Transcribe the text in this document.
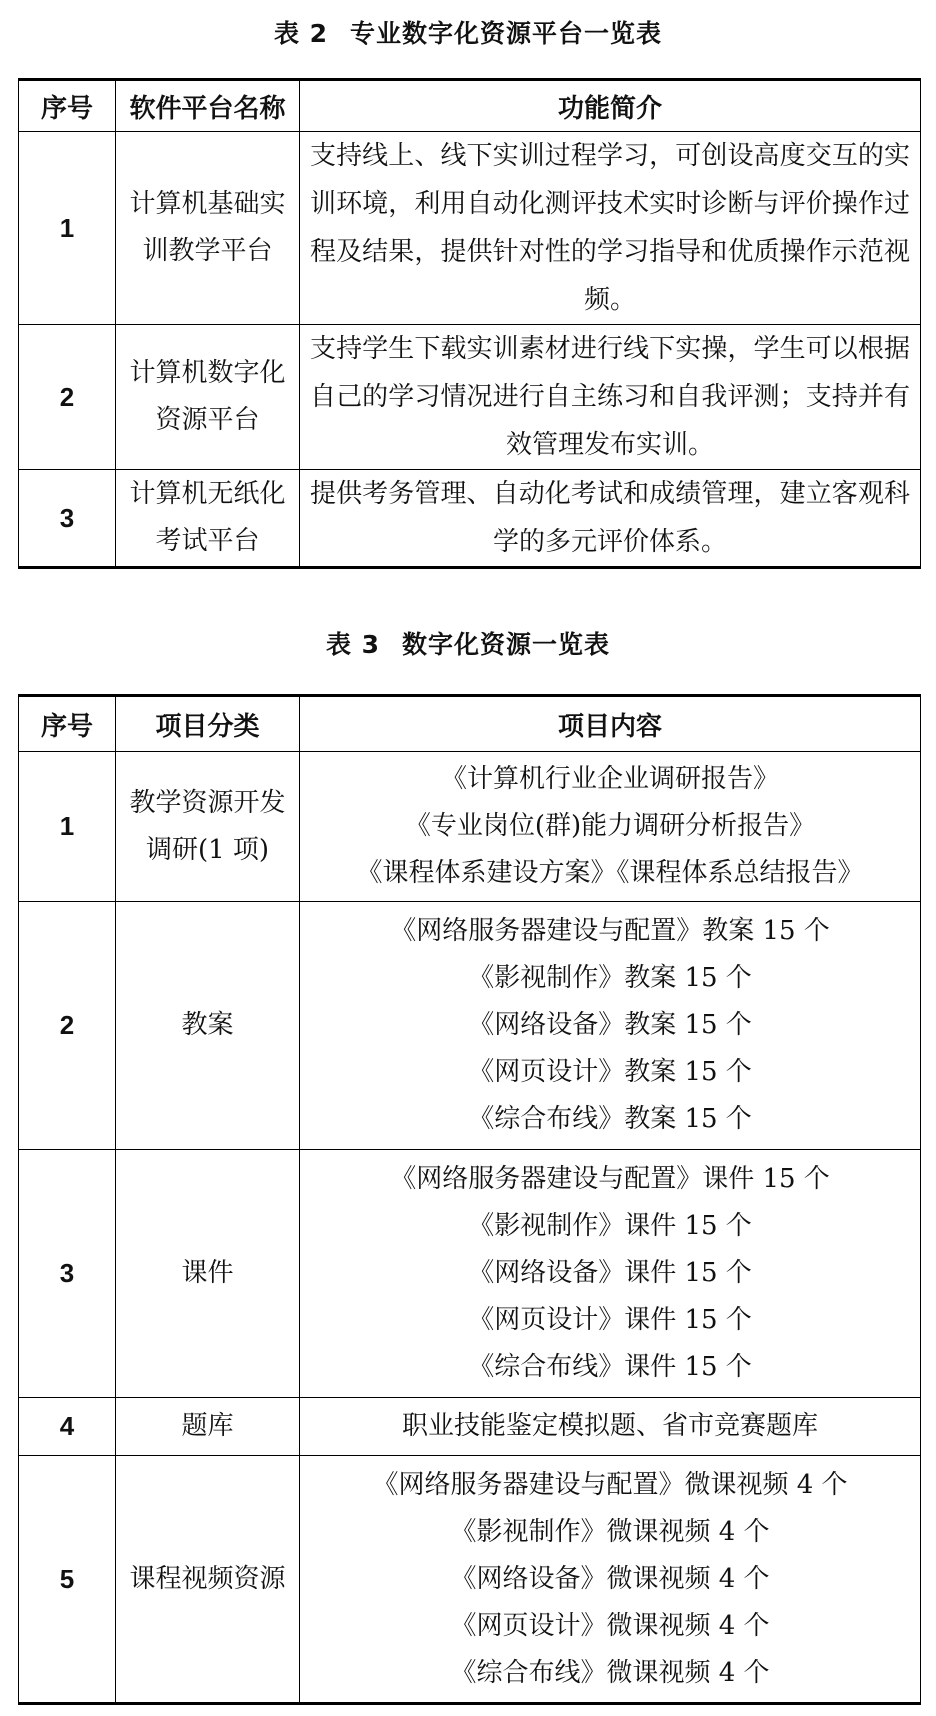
表 2 专业数字化资源平台一览表
序号	软件平台名称	功能简介
1	计算机基础实训教学平台	支持线上、线下实训过程学习，可创设高度交互的实训环境，利用自动化测评技术实时诊断与评价操作过程及结果，提供针对性的学习指导和优质操作示范视频。
2	计算机数字化资源平台	支持学生下载实训素材进行线下实操，学生可以根据自己的学习情况进行自主练习和自我评测；支持并有效管理发布实训。
3	计算机无纸化考试平台	提供考务管理、自动化考试和成绩管理，建立客观科学的多元评价体系。
表 3 数字化资源一览表
序号	项目分类	项目内容
1	教学资源开发调研(1 项)	《计算机行业企业调研报告》
《专业岗位(群)能力调研分析报告》
《课程体系建设方案》《课程体系总结报告》

2	教案	《网络服务器建设与配置》教案 15 个
《影视制作》教案 15 个
《网络设备》教案 15 个
《网页设计》教案 15 个
《综合布线》教案 15 个

3	课件	《网络服务器建设与配置》课件 15 个
《影视制作》课件 15 个
《网络设备》课件 15 个
《网页设计》课件 15 个
《综合布线》课件 15 个

4	题库	职业技能鉴定模拟题、省市竞赛题库

5	课程视频资源	《网络服务器建设与配置》微课视频 4 个
《影视制作》微课视频 4 个
《网络设备》微课视频 4 个
《网页设计》微课视频 4 个
《综合布线》微课视频 4 个
